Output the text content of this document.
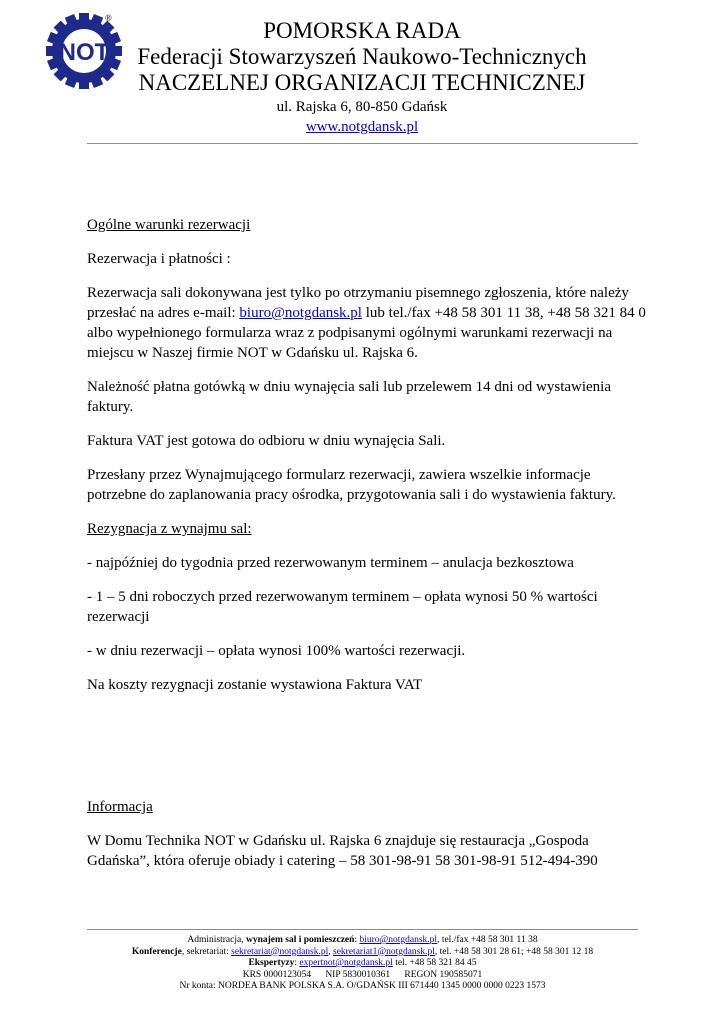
NOT
®	POMORSKA RADA
Federacji Stowarzyszeń Naukowo-Technicznych
NACZELNEJ ORGANIZACJI TECHNICZNEJ
ul. Rajska 6, 80-850 Gdańsk
www.notgdansk.pl

Ogólne warunki rezerwacji

Rezerwacja i płatności :

Rezerwacja sali dokonywana jest tylko po otrzymaniu pisemnego zgłoszenia, które należy przesłać na adres e-mail: biuro@notgdansk.pl lub tel./fax +48 58 301 11 38, +48 58 321 84 0 albo wypełnionego formularza wraz z podpisanymi ogólnymi warunkami rezerwacji na miejscu w Naszej firmie NOT w Gdańsku ul. Rajska 6.

Należność płatna gotówką w dniu wynajęcia sali lub przelewem 14 dni od wystawienia faktury.

Faktura VAT jest gotowa do odbioru w dniu wynajęcia Sali.

Przesłany przez Wynajmującego formularz rezerwacji, zawiera wszelkie informacje potrzebne do zaplanowania pracy ośrodka, przygotowania sali i do wystawienia faktury.

Rezygnacja z wynajmu sal:

- najpóźniej do tygodnia przed rezerwowanym terminem – anulacja bezkosztowa

- 1 – 5 dni roboczych przed rezerwowanym terminem – opłata wynosi 50 % wartości rezerwacji

- w dniu rezerwacji – opłata wynosi 100% wartości rezerwacji.

Na koszty rezygnacji zostanie wystawiona Faktura VAT

Informacja

W Domu Technika NOT w Gdańsku ul. Rajska 6 znajduje się restauracja „Gospoda Gdańska”, która oferuje obiady i catering – 58 301-98-91 58 301-98-91 512-494-390

Administracja, wynajem sal i pomieszczeń: biuro@notgdansk.pl, tel./fax +48 58 301 11 38
Konferencje, sekretariat: sekretariat@notgdansk.pl, sekretariat1@notgdansk.pl, tel. +48 58 301 28 61; +48 58 301 12 18
Ekspertyzy: expertnot@notgdansk.pl tel. +48 58 321 84 45
KRS 0000123054      NIP 5830010361      REGON 190585071
Nr konta: NORDEA BANK POLSKA S.A. O/GDAŃSK III 671440 1345 0000 0000 0223 1573
